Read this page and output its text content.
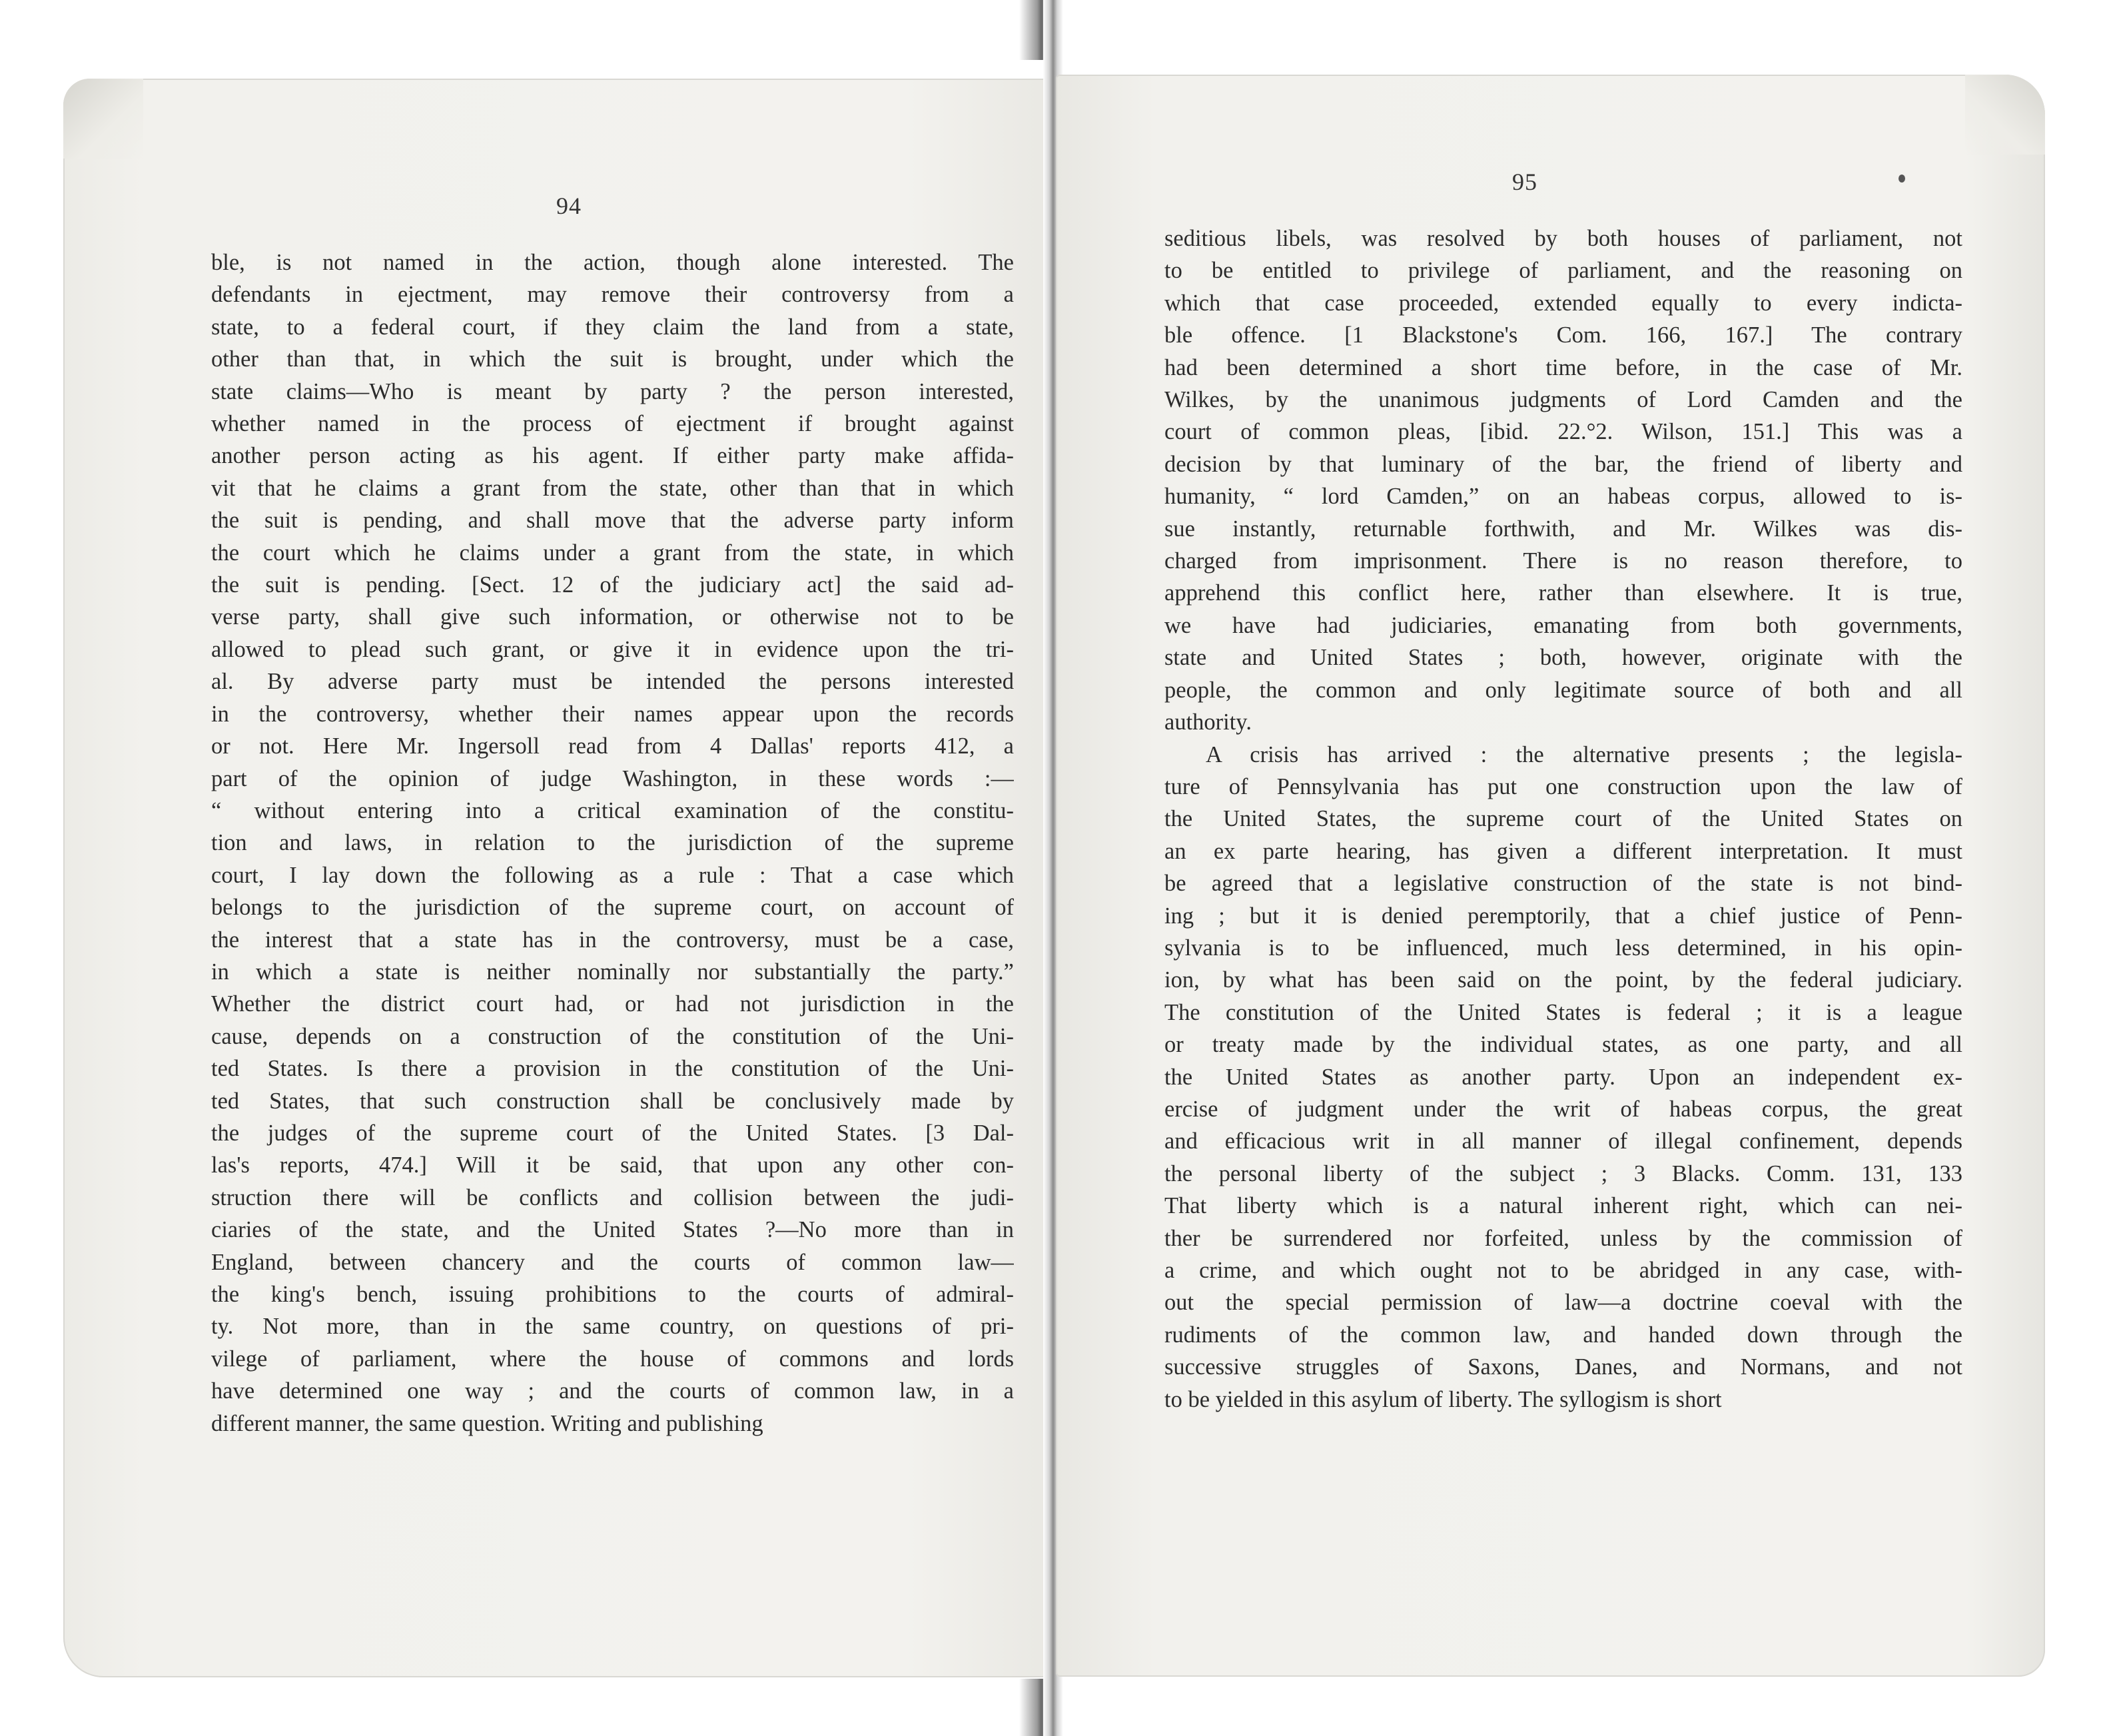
94
ble, is not named in the action, though alone interested. The
defendants in ejectment, may remove their controversy from a
state, to a federal court, if they claim the land from a state,
other than that, in which the suit is brought, under which the
state claims—Who is meant by party ? the person interested,
whether named in the process of ejectment if brought against
another person acting as his agent. If either party make affida-
vit that he claims a grant from the state, other than that in which
the suit is pending, and shall move that the adverse party inform
the court which he claims under a grant from the state, in which
the suit is pending. [Sect. 12 of the judiciary act] the said ad-
verse party, shall give such information, or otherwise not to be
allowed to plead such grant, or give it in evidence upon the tri-
al. By adverse party must be intended the persons interested
in the controversy, whether their names appear upon the records
or not. Here Mr. Ingersoll read from 4 Dallas' reports 412, a
part of the opinion of judge Washington, in these words :—
“ without entering into a critical examination of the constitu-
tion and laws, in relation to the jurisdiction of the supreme
court, I lay down the following as a rule : That a case which
belongs to the jurisdiction of the supreme court, on account of
the interest that a state has in the controversy, must be a case,
in which a state is neither nominally nor substantially the party.”
Whether the district court had, or had not jurisdiction in the
cause, depends on a construction of the constitution of the Uni-
ted States. Is there a provision in the constitution of the Uni-
ted States, that such construction shall be conclusively made by
the judges of the supreme court of the United States. [3 Dal-
las's reports, 474.] Will it be said, that upon any other con-
struction there will be conflicts and collision between the judi-
ciaries of the state, and the United States ?—No more than in
England, between chancery and the courts of common law—
the king's bench, issuing prohibitions to the courts of admiral-
ty. Not more, than in the same country, on questions of pri-
vilege of parliament, where the house of commons and lords
have determined one way ; and the courts of common law, in a
different manner, the same question. Writing and publishing
95
seditious libels, was resolved by both houses of parliament, not
to be entitled to privilege of parliament, and the reasoning on
which that case proceeded, extended equally to every indicta-
ble offence. [1 Blackstone's Com. 166, 167.] The contrary
had been determined a short time before, in the case of Mr.
Wilkes, by the unanimous judgments of Lord Camden and the
court of common pleas, [ibid. 22.°2. Wilson, 151.] This was a
decision by that luminary of the bar, the friend of liberty and
humanity, “ lord Camden,” on an habeas corpus, allowed to is-
sue instantly, returnable forthwith, and Mr. Wilkes was dis-
charged from imprisonment. There is no reason therefore, to
apprehend this conflict here, rather than elsewhere. It is true,
we have had judiciaries, emanating from both governments,
state and United States ; both, however, originate with the
people, the common and only legitimate source of both and all
authority.
A crisis has arrived : the alternative presents ; the legisla-
ture of Pennsylvania has put one construction upon the law of
the United States, the supreme court of the United States on
an ex parte hearing, has given a different interpretation. It must
be agreed that a legislative construction of the state is not bind-
ing ; but it is denied peremptorily, that a chief justice of Penn-
sylvania is to be influenced, much less determined, in his opin-
ion, by what has been said on the point, by the federal judiciary.
The constitution of the United States is federal ; it is a league
or treaty made by the individual states, as one party, and all
the United States as another party. Upon an independent ex-
ercise of judgment under the writ of habeas corpus, the great
and efficacious writ in all manner of illegal confinement, depends
the personal liberty of the subject ; 3 Blacks. Comm. 131, 133
That liberty which is a natural inherent right, which can nei-
ther be surrendered nor forfeited, unless by the commission of
a crime, and which ought not to be abridged in any case, with-
out the special permission of law—a doctrine coeval with the
rudiments of the common law, and handed down through the
successive struggles of Saxons, Danes, and Normans, and not
to be yielded in this asylum of liberty. The syllogism is short
